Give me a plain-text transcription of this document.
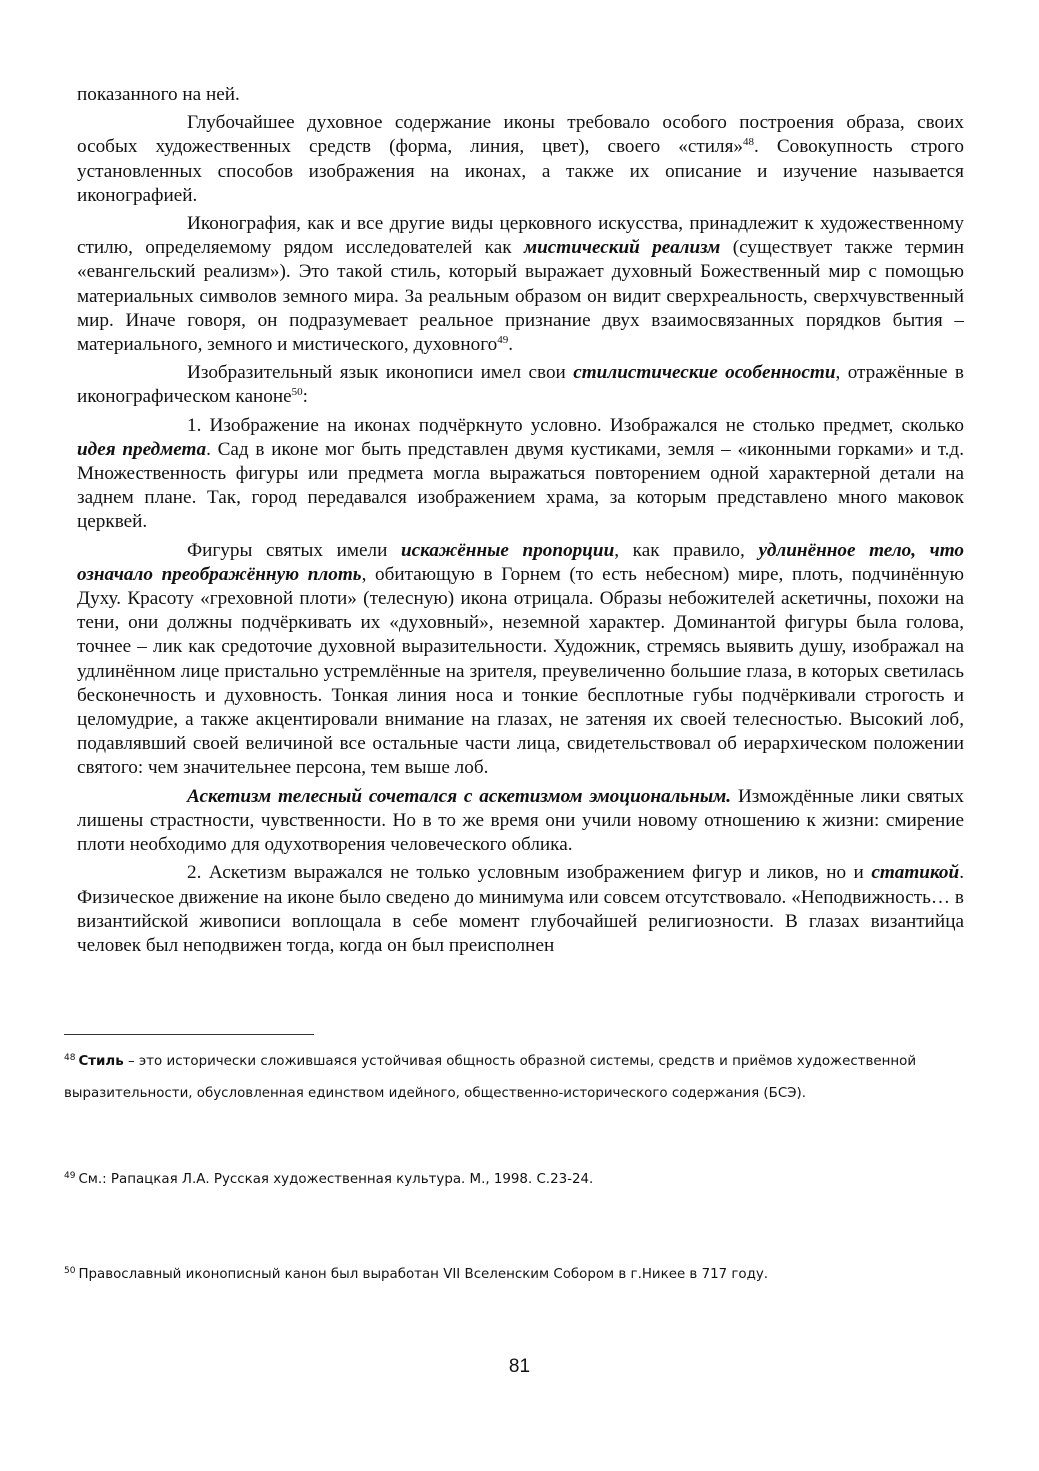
показанного на ней.

Глубочайшее духовное содержание иконы требовало особого построения образа, своих особых художественных средств (форма, линия, цвет), своего «стиля»$^{48}$. Совокупность строго установленных способов изображения на иконах, а также их описание и изучение называется иконографией.

Иконография, как и все другие виды церковного искусства, принадлежит к художественному стилю, определяемому рядом исследователей как мистический реализм (существует также термин «евангельский реализм»). Это такой стиль, который выражает духовный Божественный мир с помощью материальных символов земного мира. За реальным образом он видит сверхреальность, сверхчувственный мир. Иначе говоря, он подразумевает реальное признание двух взаимосвязанных порядков бытия – материального, земного и мистического, духовного$^{49}$.

Изобразительный язык иконописи имел свои стилистические особенности, отражённые в иконографическом каноне$^{50}$:

1. Изображение на иконах подчёркнуто условно. Изображался не столько предмет, сколько идея предмета. Сад в иконе мог быть представлен двумя кустиками, земля – «иконными горками» и т.д. Множественность фигуры или предмета могла выражаться повторением одной характерной детали на заднем плане. Так, город передавался изображением храма, за которым представлено много маковок церквей.

Фигуры святых имели искажённые пропорции, как правило, удлинённое тело, что означало преображённую плоть, обитающую в Горнем (то есть небесном) мире, плоть, подчинённую Духу. Красоту «греховной плоти» (телесную) икона отрицала. Образы небожителей аскетичны, похожи на тени, они должны подчёркивать их «духовный», неземной характер. Доминантой фигуры была голова, точнее – лик как средоточие духовной выразительности. Художник, стремясь выявить душу, изображал на удлинённом лице пристально устремлённые на зрителя, преувеличенно большие глаза, в которых светилась бесконечность и духовность. Тонкая линия носа и тонкие бесплотные губы подчёркивали строгость и целомудрие, а также акцентировали внимание на глазах, не затеняя их своей телесностью. Высокий лоб, подавлявший своей величиной все остальные части лица, свидетельствовал об иерархическом положении святого: чем значительнее персона, тем выше лоб.

Аскетизм телесный сочетался с аскетизмом эмоциональным. Измождённые лики святых лишены страстности, чувственности. Но в то же время они учили новому отношению к жизни: смирение плоти необходимо для одухотворения человеческого облика.

2. Аскетизм выражался не только условным изображением фигур и ликов, но и статикой. Физическое движение на иконе было сведено до минимума или совсем отсутствовало. «Неподвижность… в византийской живописи воплощала в себе момент глубочайшей религиозности. В глазах византийца человек был неподвижен тогда, когда он был преисполнен

$^{48}$ Стиль – это исторически сложившаяся устойчивая общность образной системы, средств и приёмов художественной выразительности, обусловленная единством идейного, общественно-исторического содержания (БСЭ).
$^{49}$ См.: Рапацкая Л.А. Русская художественная культура. М., 1998. С.23-24.
$^{50}$ Православный иконописный канон был выработан VII Вселенским Собором в г.Никее в 717 году.
81
